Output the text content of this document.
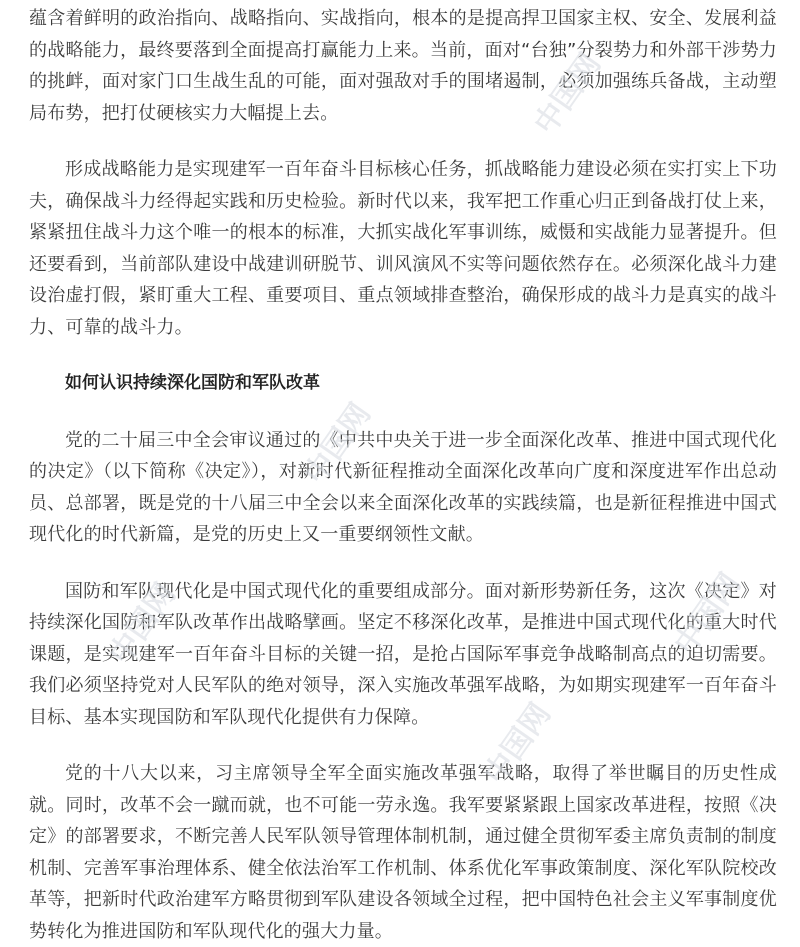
蕴含着鲜明的政治指向、战略指向、实战指向，根本的是提高捍卫国家主权、安全、发展利益的战略能力，最终要落到全面提高打赢能力上来。当前，面对“台独”分裂势力和外部干涉势力的挑衅，面对家门口生战生乱的可能，面对强敌对手的围堵遏制，必须加强练兵备战，主动塑局布势，把打仗硬核实力大幅提上去。

形成战略能力是实现建军一百年奋斗目标核心任务，抓战略能力建设必须在实打实上下功夫，确保战斗力经得起实践和历史检验。新时代以来，我军把工作重心归正到备战打仗上来，紧紧扭住战斗力这个唯一的根本的标准，大抓实战化军事训练，威慑和实战能力显著提升。但还要看到，当前部队建设中战建训研脱节、训风演风不实等问题依然存在。必须深化战斗力建设治虚打假，紧盯重大工程、重要项目、重点领域排查整治，确保形成的战斗力是真实的战斗力、可靠的战斗力。

如何认识持续深化国防和军队改革

党的二十届三中全会审议通过的《中共中央关于进一步全面深化改革、推进中国式现代化的决定》（以下简称《决定》），对新时代新征程推动全面深化改革向广度和深度进军作出总动员、总部署，既是党的十八届三中全会以来全面深化改革的实践续篇，也是新征程推进中国式现代化的时代新篇，是党的历史上又一重要纲领性文献。

国防和军队现代化是中国式现代化的重要组成部分。面对新形势新任务，这次《决定》对持续深化国防和军队改革作出战略擘画。坚定不移深化改革，是推进中国式现代化的重大时代课题，是实现建军一百年奋斗目标的关键一招，是抢占国际军事竞争战略制高点的迫切需要。我们必须坚持党对人民军队的绝对领导，深入实施改革强军战略，为如期实现建军一百年奋斗目标、基本实现国防和军队现代化提供有力保障。

党的十八大以来，习主席领导全军全面实施改革强军战略，取得了举世瞩目的历史性成就。同时，改革不会一蹴而就，也不可能一劳永逸。我军要紧紧跟上国家改革进程，按照《决定》的部署要求，不断完善人民军队领导管理体制机制，通过健全贯彻军委主席负责制的制度机制、完善军事治理体系、健全依法治军工作机制、体系优化军事政策制度、深化军队院校改革等，把新时代政治建军方略贯彻到军队建设各领域全过程，把中国特色社会主义军事制度优势转化为推进国防和军队现代化的强大力量。

中国网
中国网
中国网	中国网
中国网
